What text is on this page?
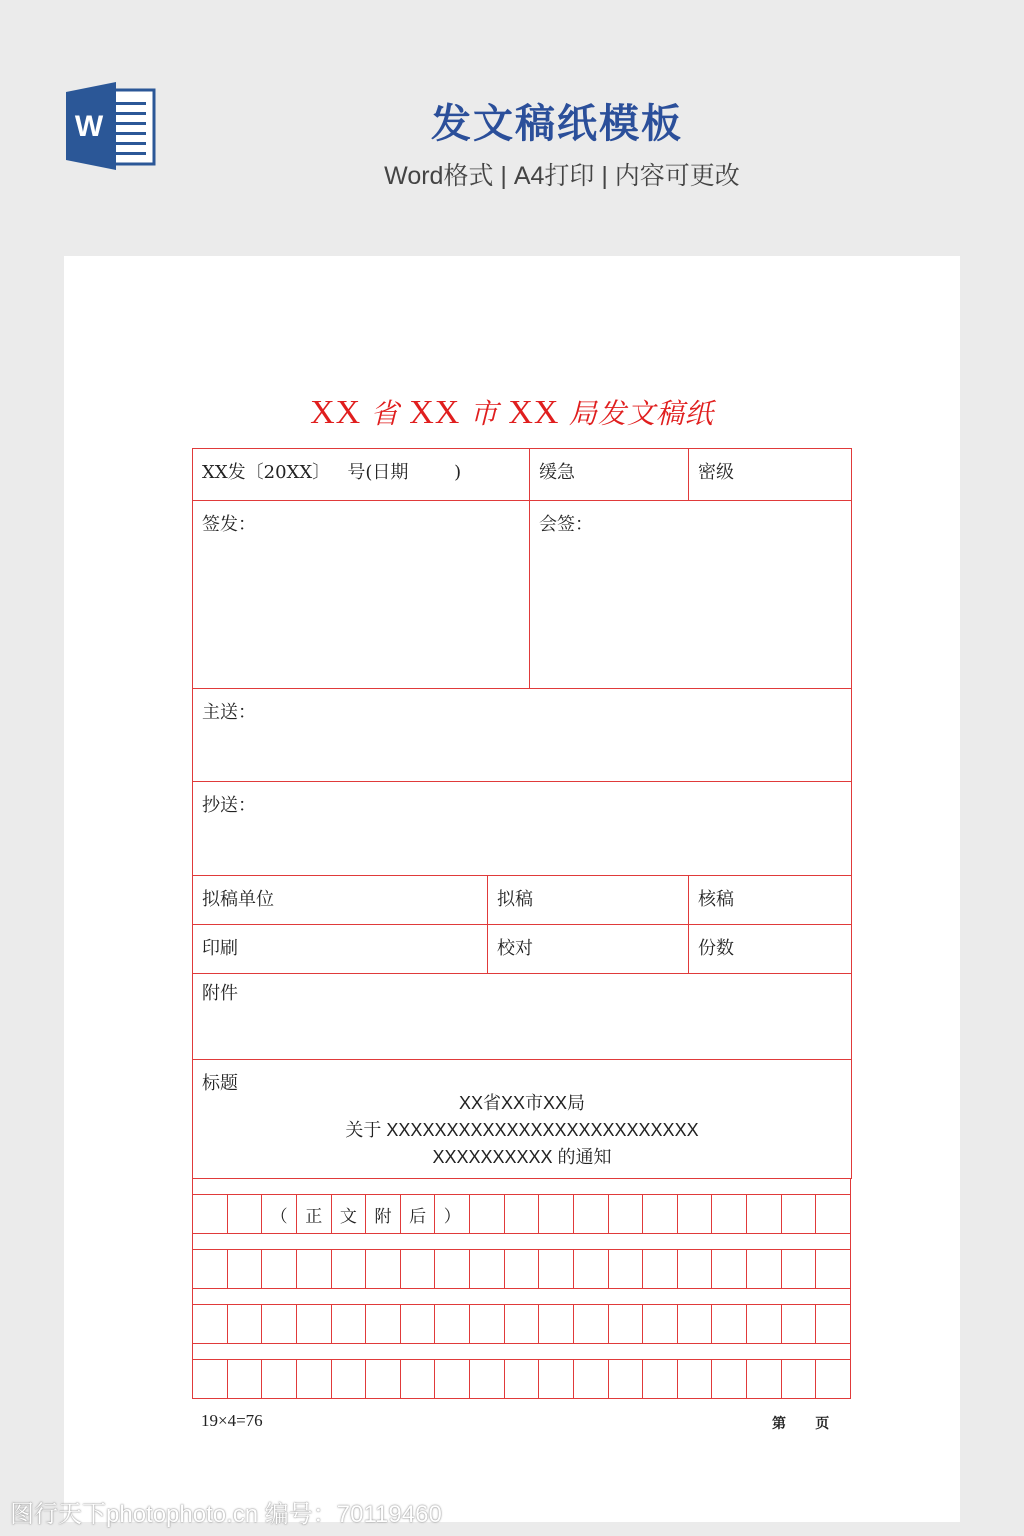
W	发文稿纸模板
Word格式 | A4打印 | 内容可更改
XX 省 XX 市 XX 局发文稿纸
XX发〔20XX〕   号(日期        )		缓急	密级

签发：		会签：	

主送：			

抄送：			

拟稿单位	拟稿		核稿

印刷	校对		份数

附件			

标题
XX省XX市XX局
关于 XXXXXXXXXXXXXXXXXXXXXXXXXX
XXXXXXXXXX 的通知			
（	正	文	附	后	）
19×4=76	第      页
图行天下photophoto.cn 编号：70119460
